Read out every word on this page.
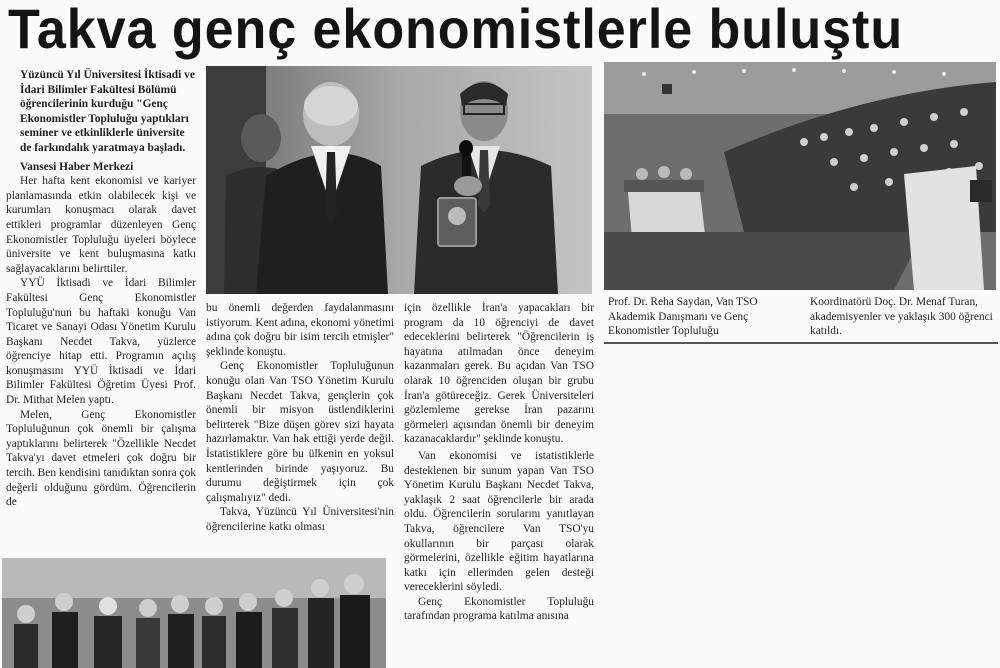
Takva genç ekonomistlerle buluştu

Yüzüncü Yıl Üniversitesi İktisadi ve İdari Bilimler Fakültesi Bölümü öğrencilerinin kurduğu "Genç Ekonomistler Topluluğu yaptıkları seminer ve etkinliklerle üniversite de farkındalık yaratmaya başladı.

Vansesi Haber Merkezi

Her hafta kent ekonomisi ve kariyer planlamasında etkin olabilecek kişi ve kurumları konuşmacı olarak davet ettikleri programlar düzenleyen Genç Ekonomistler Topluluğu üyeleri böylece üniversite ve kent buluşmasına katkı sağlayacaklarını belirttiler.

YYÜ İktisadi ve İdari Bilimler Fakültesi Genç Ekonomistler Topluluğu'nun bu haftaki konuğu Van Ticaret ve Sanayi Odası Yönetim Kurulu Başkanı Necdet Takva, yüzlerce öğrenciye hitap etti. Programın açılış konuşmasını YYÜ İktisadi ve İdari Bilimler Fakültesi Öğretim Üyesi Prof. Dr. Mithat Melen yaptı.

Melen, Genç Ekonomistler Topluluğunun çok önemli bir çalışma yaptıklarını belirterek "Özellikle Necdet Takva'yı davet etmeleri çok doğru bir tercih. Ben kendisini tanıdıktan sonra çok değerli olduğunu gördüm. Öğrencilerin de

bu önemli değerden faydalanmasını istiyorum. Kent adına, ekonomi yönetimi adına çok doğru bir isim tercih etmişler" şeklinde konuştu.

Genç Ekonomistler Topluluğunun konuğu olan Van TSO Yönetim Kurulu Başkanı Necdet Takva, gençlerin çok önemli bir misyon üstlendiklerini belirterek "Bize düşen görev sizi hayata hazırlamaktır. Van hak ettiği yerde değil. İstatistiklere göre bu ülkenin en yoksul kentlerinden birinde yaşıyoruz. Bu durumu değiştirmek için çok çalışmalıyız" dedi.

Takva, Yüzüncü Yıl Üniversitesi'nin öğrencilerine katkı olması

için özellikle İran'a yapacakları bir program da 10 öğrenciyi de davet edeceklerini belirterek "Öğrencilerin iş hayatına atılmadan önce deneyim kazanmaları gerek. Bu açıdan Van TSO olarak 10 öğrenciden oluşan bir grubu İran'a götüreceğiz. Gerek Üniversiteleri gözlemleme gerekse İran pazarını görmeleri açısından önemli bir deneyim kazanacaklardır" şeklinde konuştu.

Van ekonomisi ve istatistiklerle desteklenen bir sunum yapan Van TSO Yönetim Kurulu Başkanı Necdet Takva, yaklaşık 2 saat öğrencilerle bir arada oldu. Öğrencilerin sorularını yanıtlayan Takva, öğrencilere Van TSO'yu okullarının bir parçası olarak görmelerini, özellikle eğitim hayatlarına katkı için ellerinden gelen desteği vereceklerini söyledi.

Genç Ekonomistler Topluluğu tarafından programa katılma anısına

Prof. Dr. Reha Saydan, Van TSO Akademik Danışmanı ve Genç Ekonomistler Topluluğu
Koordinatörü Doç. Dr. Menaf Turan, akademisyenler ve yaklaşık 300 öğrenci katıldı.
